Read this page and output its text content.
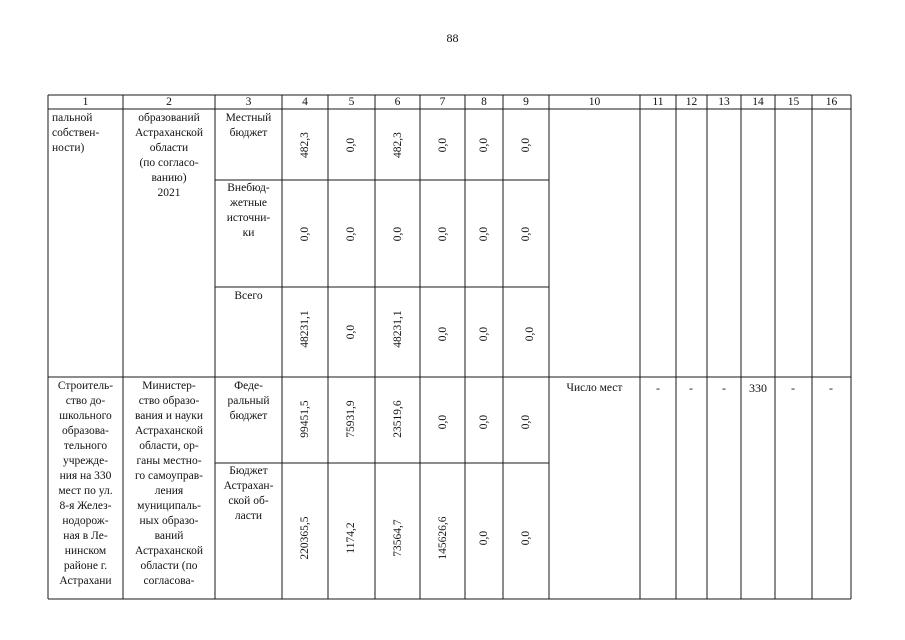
88
1	2	3	4	5	6	7	8	9	10	11	12	13	14	15	16
пальной
собствен-
ности)
образований
Астраханской
области
(по согласо-
ванию)
2021
Местный
бюджет	482,3	0,0	482,3	0,0	0,0	0,0
Внебюд-
жетные
источни-
ки	0,0	0,0	0,0	0,0	0,0	0,0
Всего
48231,1	0,0	48231,1	0,0	0,0	0,0
Строитель-
ство до-
школьного
образова-
тельного
учрежде-
ния на 330
мест по ул.
8-я Желез-
нодорож-
ная в Ле-
нинском
районе г.
Астрахани
Министер-
ство образо-
вания и науки
Астраханской
области, ор-
ганы местно-
го самоуправ-
ления
муниципаль-
ных образо-
ваний
Астраханской
области (по
согласова-
Феде-
ральный
бюджет	99451,5	75931,9	23519,6	0,0	0,0	0,0
Бюджет
Астрахан-
ской об-
ласти
220365,5	1174,2	73564,7	145626,6	0,0	0,0
Число мест	-	-	-	330	-	-
